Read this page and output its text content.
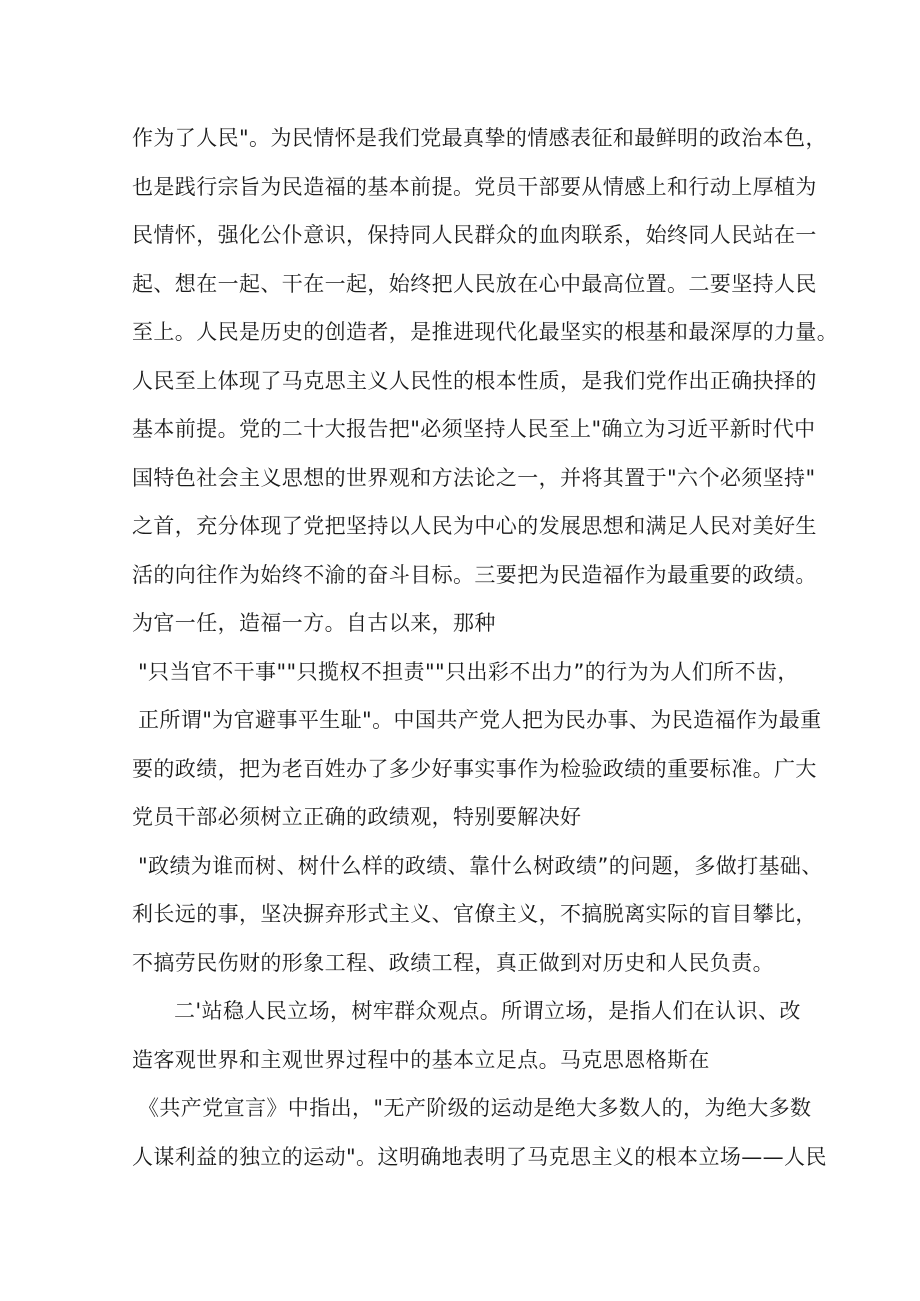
作为了人民"。为民情怀是我们党最真挚的情感表征和最鲜明的政治本色，
也是践行宗旨为民造福的基本前提。党员干部要从情感上和行动上厚植为
民情怀，强化公仆意识，保持同人民群众的血肉联系，始终同人民站在一
起、想在一起、干在一起，始终把人民放在心中最高位置。二要坚持人民
至上。人民是历史的创造者，是推进现代化最坚实的根基和最深厚的力量。
人民至上体现了马克思主义人民性的根本性质，是我们党作出正确抉择的
基本前提。党的二十大报告把"必须坚持人民至上"确立为习近平新时代中
国特色社会主义思想的世界观和方法论之一，并将其置于"六个必须坚持"
之首，充分体现了党把坚持以人民为中心的发展思想和满足人民对美好生
活的向往作为始终不渝的奋斗目标。三要把为民造福作为最重要的政绩。
为官一任，造福一方。自古以来，那种
"只当官不干事""只揽权不担责""只出彩不出力”的行为为人们所不齿，
正所谓"为官避事平生耻"。中国共产党人把为民办事、为民造福作为最重
要的政绩，把为老百姓办了多少好事实事作为检验政绩的重要标准。广大
党员干部必须树立正确的政绩观，特别要解决好
"政绩为谁而树、树什么样的政绩、靠什么树政绩”的问题，多做打基础、
利长远的事，坚决摒弃形式主义、官僚主义，不搞脱离实际的盲目攀比，
不搞劳民伤财的形象工程、政绩工程，真正做到对历史和人民负责。
二'站稳人民立场，树牢群众观点。所谓立场，是指人们在认识、改
造客观世界和主观世界过程中的基本立足点。马克思恩格斯在
《共产党宣言》中指出，"无产阶级的运动是绝大多数人的，为绝大多数
人谋利益的独立的运动"。这明确地表明了马克思主义的根本立场——人民
